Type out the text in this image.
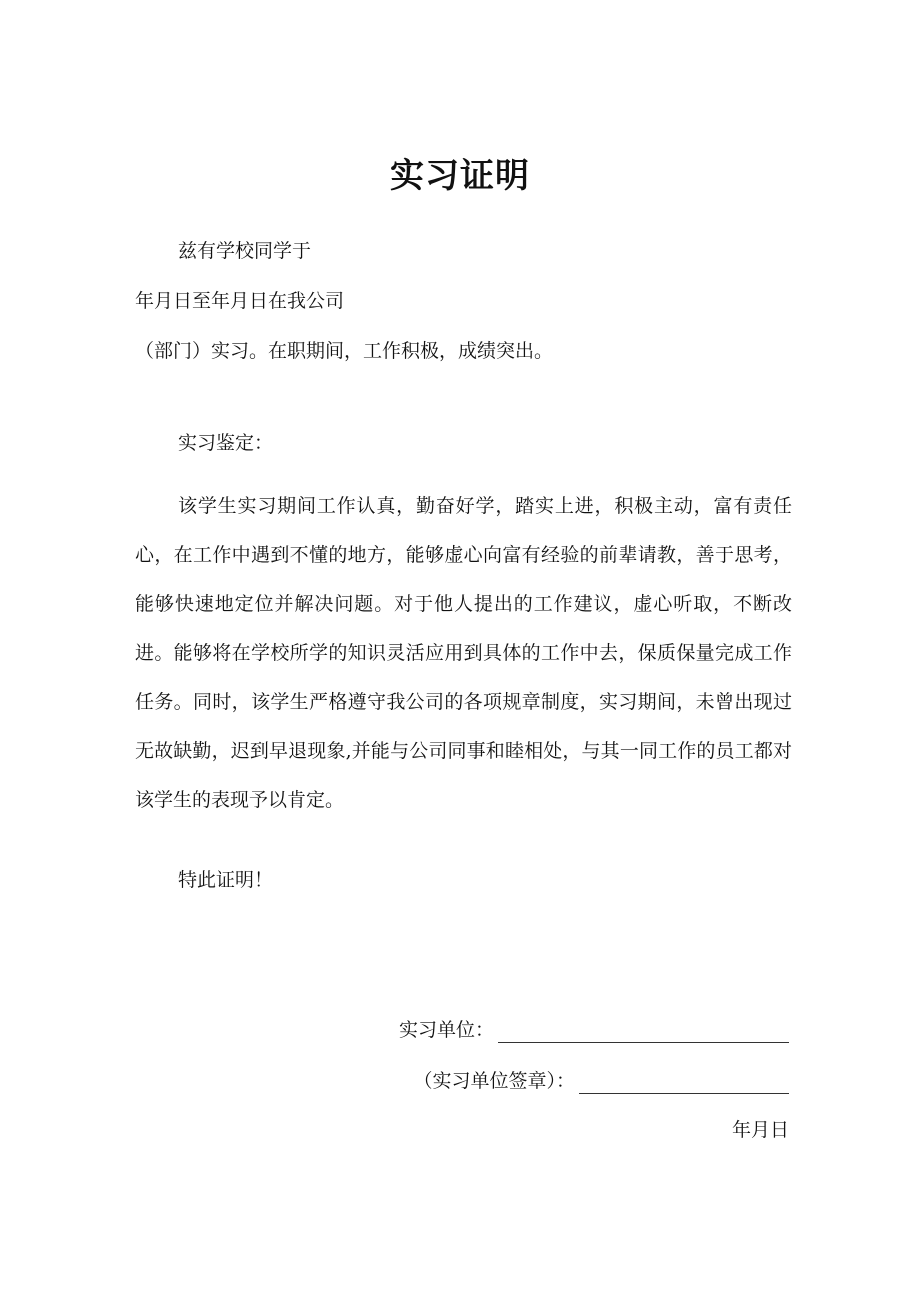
实习证明
兹有学校同学于
年月日至年月日在我公司
（部门）实习。在职期间，工作积极，成绩突出。
实习鉴定：
该学生实习期间工作认真，勤奋好学，踏实上进，积极主动，富有责任心，在工作中遇到不懂的地方，能够虚心向富有经验的前辈请教，善于思考，能够快速地定位并解决问题。对于他人提出的工作建议，虚心听取，不断改进。能够将在学校所学的知识灵活应用到具体的工作中去，保质保量完成工作任务。同时，该学生严格遵守我公司的各项规章制度，实习期间，未曾出现过无故缺勤，迟到早退现象,并能与公司同事和睦相处，与其一同工作的员工都对该学生的表现予以肯定。
特此证明！
实习单位：
（实习单位签章）：
年月日
